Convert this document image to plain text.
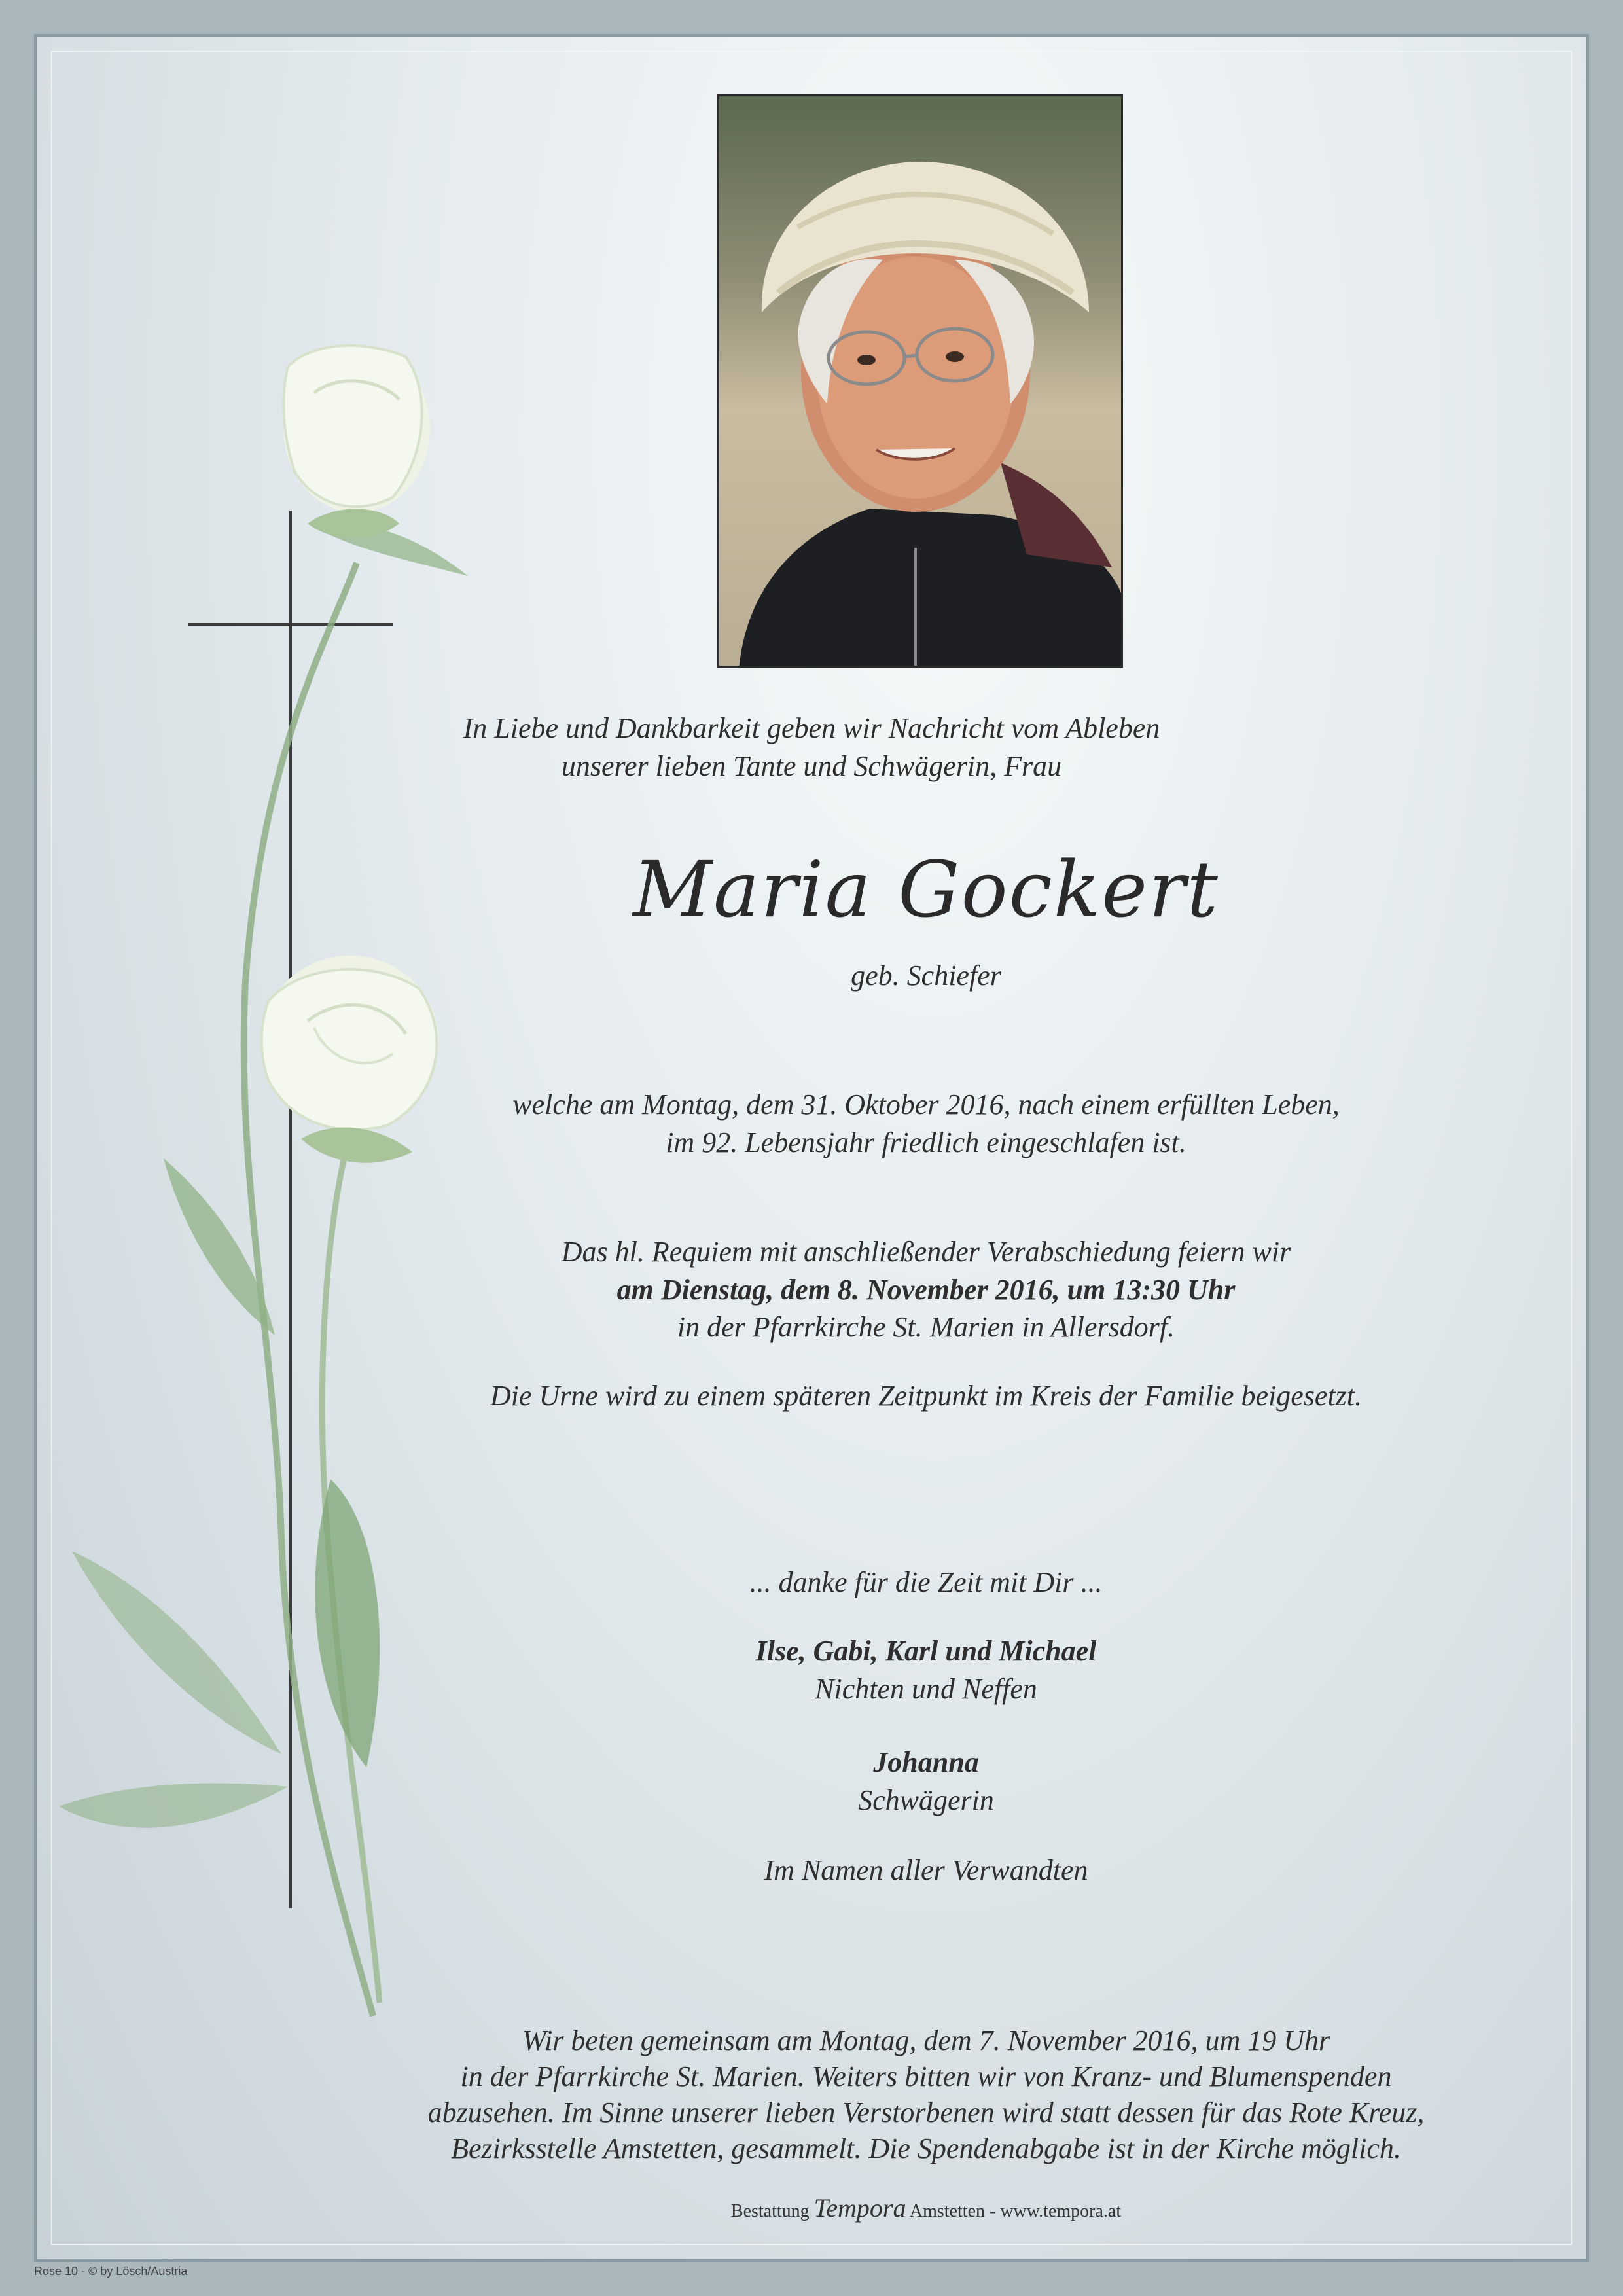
In Liebe und Dankbarkeit geben wir Nachricht vom Ableben
unserer lieben Tante und Schwägerin, Frau
Maria Gockert
geb. Schiefer
welche am Montag, dem 31. Oktober 2016, nach einem erfüllten Leben,
im 92. Lebensjahr friedlich eingeschlafen ist.
Das hl. Requiem mit anschließender Verabschiedung feiern wir
am Dienstag, dem 8. November 2016, um 13:30 Uhr
in der Pfarrkirche St. Marien in Allersdorf.
Die Urne wird zu einem späteren Zeitpunkt im Kreis der Familie beigesetzt.
... danke für die Zeit mit Dir ...
Ilse, Gabi, Karl und Michael
Nichten und Neffen
Johanna
Schwägerin
Im Namen aller Verwandten
Wir beten gemeinsam am Montag, dem 7. November 2016, um 19 Uhr
in der Pfarrkirche St. Marien. Weiters bitten wir von Kranz- und Blumenspenden
abzusehen. Im Sinne unserer lieben Verstorbenen wird statt dessen für das Rote Kreuz,
Bezirksstelle Amstetten, gesammelt. Die Spendenabgabe ist in der Kirche möglich.
Bestattung Tempora Amstetten - www.tempora.at
Rose 10 - © by Lösch/Austria
